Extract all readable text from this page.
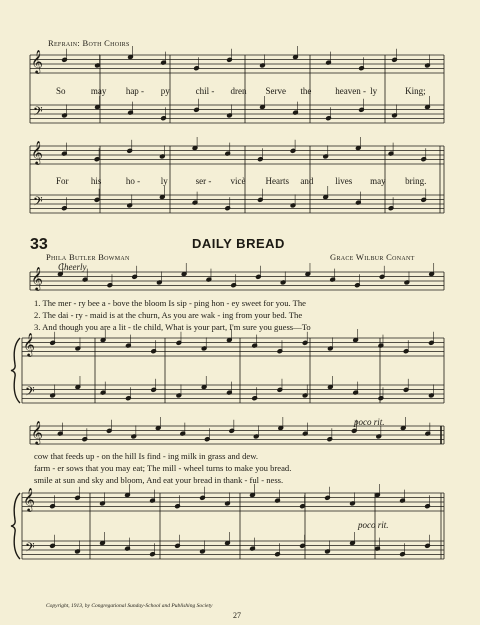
Refrain: Both Choirs
𝄞
𝄢
𝄞
𝄢
𝄞
𝄞
𝄢
𝄞
𝄞
𝄢
So	may hap - py	chil - dren Serve the	heaven - ly	King;
For his	ho - ly	ser - vicè Hearts and lives may bring.
33	DAILY BREAD
Phila Butler Bowman	Grace Wilbur Conant
Cheerly
1. The mer - ry bee a - bove the bloom Is sip - ping hon - ey sweet for you. The
2. The dai - ry - maid is at the churn, As you are wak - ing from your bed. The
3. And though you are a lit - tle child, What is your part, I'm sure you guess—To
poco rit.
cow that feeds up - on the hill Is find - ing milk in grass and dew.
farm - er sows that you may eat; The mill - wheel turns to make you bread.
smile at sun and sky and bloom, And eat your bread in thank - ful - ness.
poco rit.
Copyright, 1913, by Congregational Sunday-School and Publishing Society
27
